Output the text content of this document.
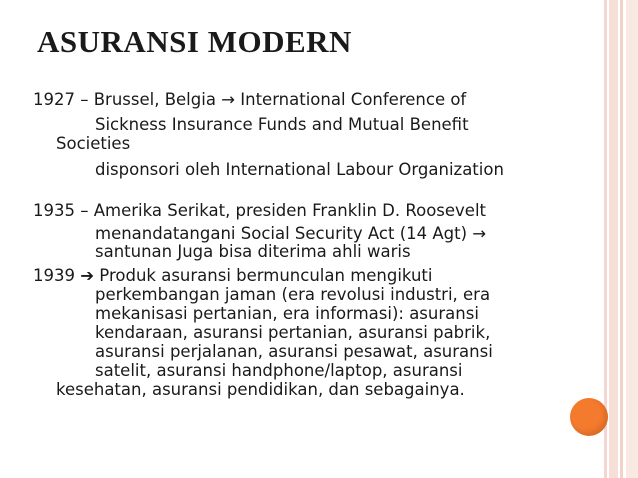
ASURANSI MODERN
1927 – Brussel, Belgia → International Conference of
Sickness Insurance Funds and Mutual Benefit
Societies
disponsori oleh International Labour Organization
1935 – Amerika Serikat, presiden Franklin D. Roosevelt
menandatangani Social Security Act (14 Agt) →
santunan Juga bisa diterima ahli waris
1939 ➔ Produk asuransi bermunculan mengikuti
perkembangan jaman (era revolusi industri, era
mekanisasi pertanian, era informasi): asuransi
kendaraan, asuransi pertanian, asuransi pabrik,
asuransi perjalanan, asuransi pesawat, asuransi
satelit, asuransi handphone/laptop, asuransi
kesehatan, asuransi pendidikan, dan sebagainya.
